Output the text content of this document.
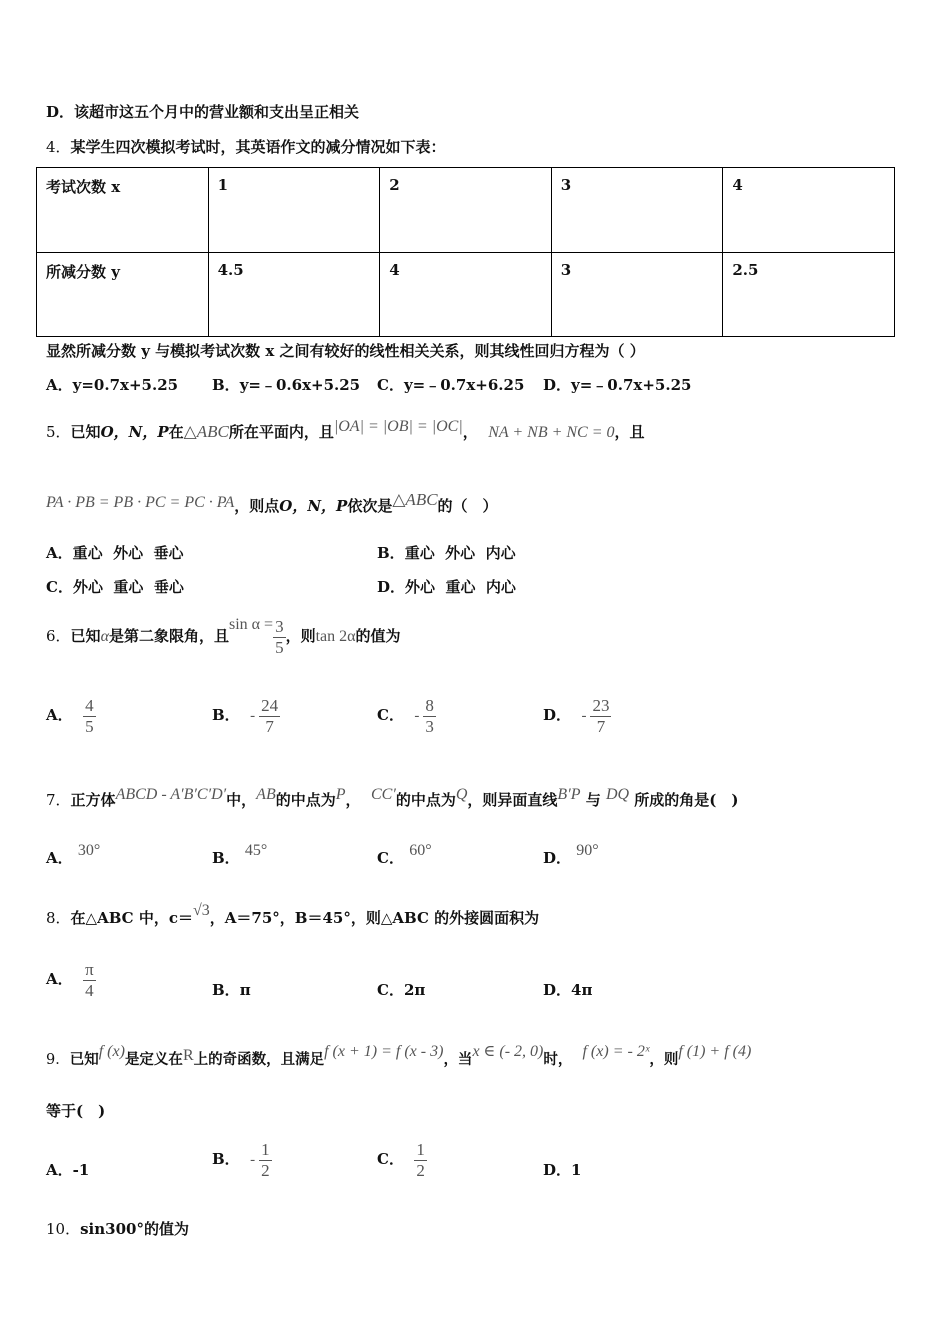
D．该超市这五个月中的营业额和支出呈正相关
4．某学生四次模拟考试时，其英语作文的减分情况如下表：
考试次数 x	1	2	3	4
所减分数 y	4.5	4	3	2.5
显然所减分数 y 与模拟考试次数 x 之间有较好的线性相关关系，则其线性回归方程为（ ）
A．y=0.7x+5.25 B．y=﹣0.6x+5.25 C．y=﹣0.7x+6.25 D．y=﹣0.7x+5.25
5．已知O，N，P在△ABC所在平面内，且|OA| = |OB| = |OC|， NA + NB + NC = 0，且
PA · PB = PB · PC = PC · PA，则点O，N，P依次是△ABC的（　）
A．重心  外心  垂心	B．重心  外心  内心
C．外心  重心  垂心	D．外心  重心  内心
6．已知α是第二象限角，且$\sin \alpha = \frac{3}{5}$ ，则tan 2α的值为
A． $\frac{4}{5}$	B． - $\frac{24}{7}$	C． - $\frac{8}{3}$	D． - $\frac{23}{7}$
7．正方体ABCD - A′B′C′D′中，AB的中点为P， CC′的中点为Q，则异面直线B′P 与 DQ 所成的角是(　)
A． 30°	B． 45°	C． 60°	D． 90°
8．在△ABC 中，c＝√3，A＝75°，B＝45°，则△ABC 的外接圆面积为
A． $\frac{\pi}{4}$	B．π	C．2π	D．4π
9．已知f (x)是定义在R上的奇函数，且满足f (x + 1) = f (x - 3)，当x ∈ (- 2, 0)时， f (x) = - 2ˣ，则f (1) + f (4)
等于(　)
A．-1
B． - $\frac{1}{2}$	C． $\frac{1}{2}$	D．1
10．sin300°的值为
